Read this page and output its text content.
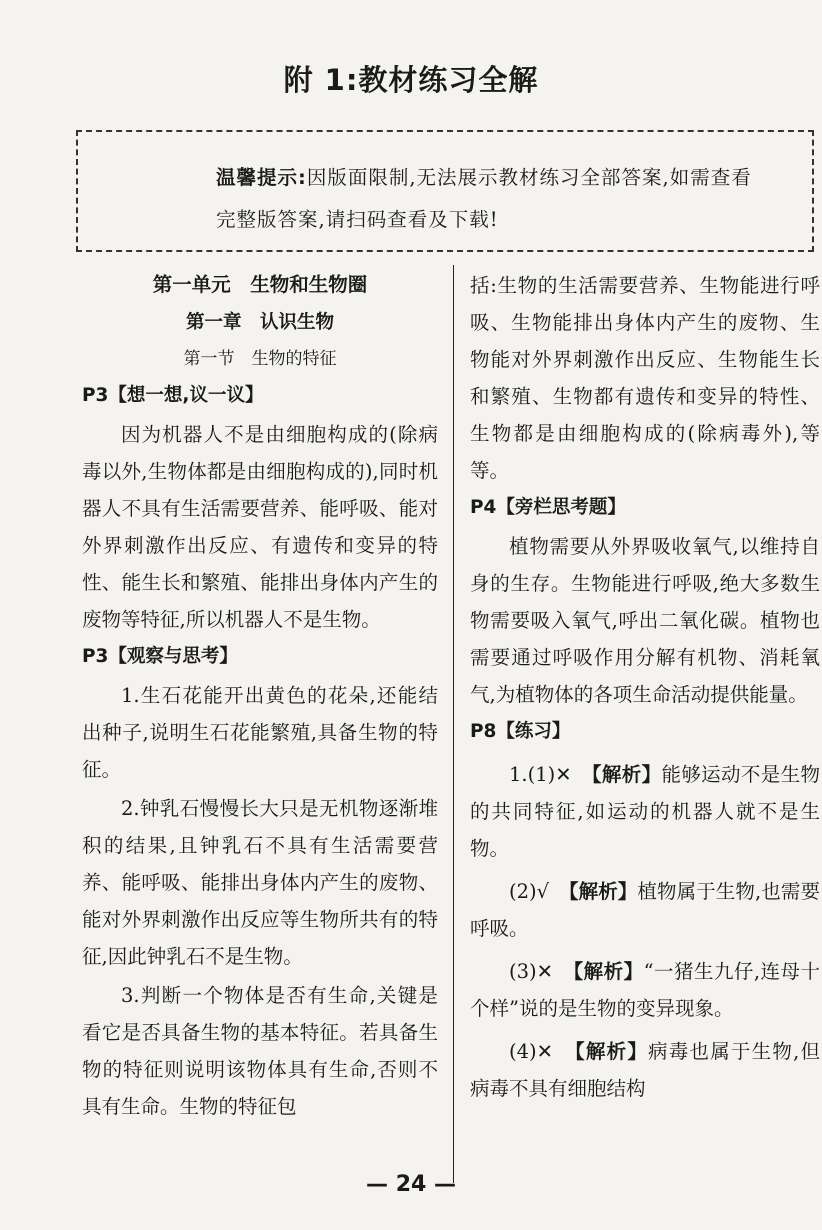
附 1:教材练习全解
温馨提示:因版面限制,无法展示教材练习全部答案,如需查看
完整版答案,请扫码查看及下载!
第一单元　生物和生物圈
第一章　认识生物
第一节　生物的特征
P3【想一想,议一议】
因为机器人不是由细胞构成的(除病毒以外,生物体都是由细胞构成的),同时机器人不具有生活需要营养、能呼吸、能对外界刺激作出反应、有遗传和变异的特性、能生长和繁殖、能排出身体内产生的废物等特征,所以机器人不是生物。
P3【观察与思考】
1.生石花能开出黄色的花朵,还能结出种子,说明生石花能繁殖,具备生物的特征。
2.钟乳石慢慢长大只是无机物逐渐堆积的结果,且钟乳石不具有生活需要营养、能呼吸、能排出身体内产生的废物、能对外界刺激作出反应等生物所共有的特征,因此钟乳石不是生物。
3.判断一个物体是否有生命,关键是看它是否具备生物的基本特征。若具备生物的特征则说明该物体具有生命,否则不具有生命。生物的特征包
括:生物的生活需要营养、生物能进行呼吸、生物能排出身体内产生的废物、生物能对外界刺激作出反应、生物能生长和繁殖、生物都有遗传和变异的特性、生物都是由细胞构成的(除病毒外),等等。
P4【旁栏思考题】
植物需要从外界吸收氧气,以维持自身的生存。生物能进行呼吸,绝大多数生物需要吸入氧气,呼出二氧化碳。植物也需要通过呼吸作用分解有机物、消耗氧气,为植物体的各项生命活动提供能量。
P8【练习】
1.(1)✕　【解析】能够运动不是生物的共同特征,如运动的机器人就不是生物。
(2)√　【解析】植物属于生物,也需要呼吸。
(3)✕　【解析】“一猪生九仔,连母十个样”说的是生物的变异现象。
(4)✕　【解析】病毒也属于生物,但病毒不具有细胞结构
— 24 —
